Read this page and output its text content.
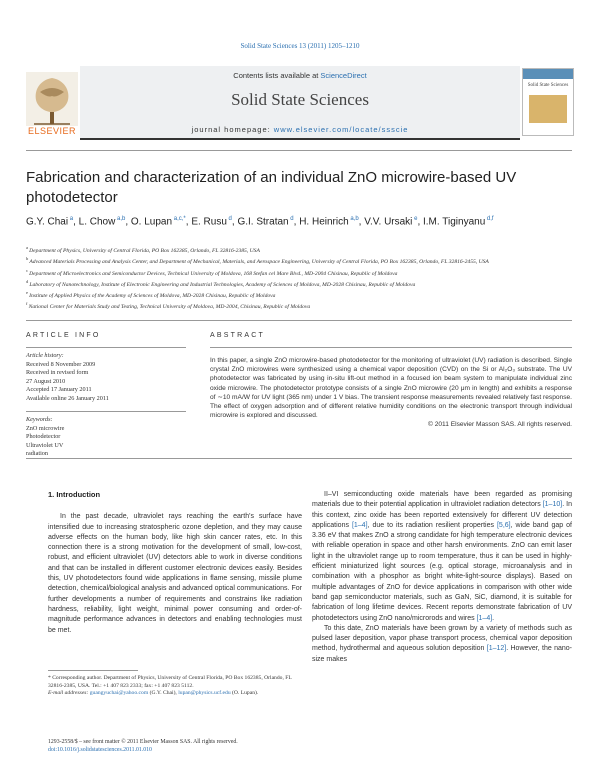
Solid State Sciences 13 (2011) 1205–1210
ELSEVIER
Contents lists available at ScienceDirect
Solid State Sciences
journal homepage: www.elsevier.com/locate/ssscie
Solid State Sciences
Fabrication and characterization of an individual ZnO microwire-based UV photodetector
G.Y. Chai $^a$, L. Chow $^{a,b}$, O. Lupan $^{a,c,*}$, E. Rusu $^d$, G.I. Stratan $^d$, H. Heinrich $^{a,b}$, V.V. Ursaki $^e$, I.M. Tiginyanu $^{d,f}$
$^a$ Department of Physics, University of Central Florida, PO Box 162385, Orlando, FL 32816-2385, USA
$^b$ Advanced Materials Processing and Analysis Center, and Department of Mechanical, Materials, and Aerospace Engineering, University of Central Florida, PO Box 162385, Orlando, FL 32816-2455, USA
$^c$ Department of Microelectronics and Semiconductor Devices, Technical University of Moldova, 168 Stefan cel Mare Blvd., MD-2004 Chisinau, Republic of Moldova
$^d$ Laboratory of Nanotechnology, Institute of Electronic Engineering and Industrial Technologies, Academy of Sciences of Moldova, MD-2028 Chisinau, Republic of Moldova
$^e$ Institute of Applied Physics of the Academy of Sciences of Moldova, MD-2028 Chisinau, Republic of Moldova
$^f$ National Center for Materials Study and Testing, Technical University of Moldova, MD-2004, Chisinau, Republic of Moldova
ARTICLE INFO
Article history:
Received 8 November 2009
Received in revised form
27 August 2010
Accepted 17 January 2011
Available online 26 January 2011
Keywords:
ZnO microwire
Photodetector
Ultraviolet UV
radiation
ABSTRACT
In this paper, a single ZnO microwire-based photodetector for the monitoring of ultraviolet (UV) radiation is described. Single crystal ZnO microwires were synthesized using a chemical vapor deposition (CVD) on the Si or Al₂O₃ substrate. The UV photodetector was fabricated by using in-situ lift-out method in a focused ion beam system to manipulate individual zinc oxide microwire. The photodetector prototype consists of a single ZnO microwire (20 μm in length) and exhibits a response of ∼10 mA/W for UV light (365 nm) under 1 V bias. The transient response measurements revealed relatively fast response. The effect of oxygen adsorption and of different relative humidity conditions on the electronic transport through individual microwire is explored and discussed.
© 2011 Elsevier Masson SAS. All rights reserved.
1. Introduction

In the past decade, ultraviolet rays reaching the earth's surface have intensified due to increasing stratospheric ozone depletion, and they may cause adverse effects on the human body, like high skin cancer rates, etc. In this connection there is a strong motivation for the development of small, low-cost, robust, and efficient ultraviolet (UV) detectors able to work in diverse conditions and that can be installed in different customer electronic devices easily. Besides this, UV photodetectors found wide applications in flame sensing, missile plume detection, chemical/biological analysis and advanced optical communications. For further developments a number of requirements and constrains like radiation hardness, reliability, light weight, minimal power consuming and order-of-magnitude performance advances in detectors and enabling technologies must be met.

II–VI semiconducting oxide materials have been regarded as promising materials due to their potential application in ultraviolet radiation detectors [1–10]. In this context, zinc oxide has been reported extensively for different UV detection applications [1–4], due to its radiation resilient properties [5,6], wide band gap of 3.36 eV that makes ZnO a strong candidate for high temperature electronic devices with reliable operation in space and other harsh environments. ZnO can emit laser light in the ultraviolet range up to room temperature, thus it can be used in highly-efficient miniaturized light sources (e.g. optical storage, microanalysis and in combination with a phosphor as bright white-light-source displays). Based on multiple advantages of ZnO for device applications in comparison with other wide band gap semiconductor materials, such as GaN, SiC, diamond, it is suitable for fabrication of long lifetime devices. Recent reports demonstrate fabrication of UV photodetectors using ZnO nano/microrods and wires [1–4].

To this date, ZnO materials have been grown by a variety of methods such as pulsed laser deposition, vapor phase transport process, chemical vapor deposition method, hydrothermal and aqueous solution deposition [1–12]. However, the nano-size makes

* Corresponding author. Department of Physics, University of Central Florida, PO Box 162385, Orlando, FL 32816-2385, USA. Tel.: +1 407 823 2333; fax: +1 407 823 5112.
E-mail addresses: guangyuchai@yahoo.com (G.Y. Chai), lupan@physics.ucf.edu (O. Lupan).
1293-2558/$ – see front matter © 2011 Elsevier Masson SAS. All rights reserved.
doi:10.1016/j.solidstatesciences.2011.01.010
